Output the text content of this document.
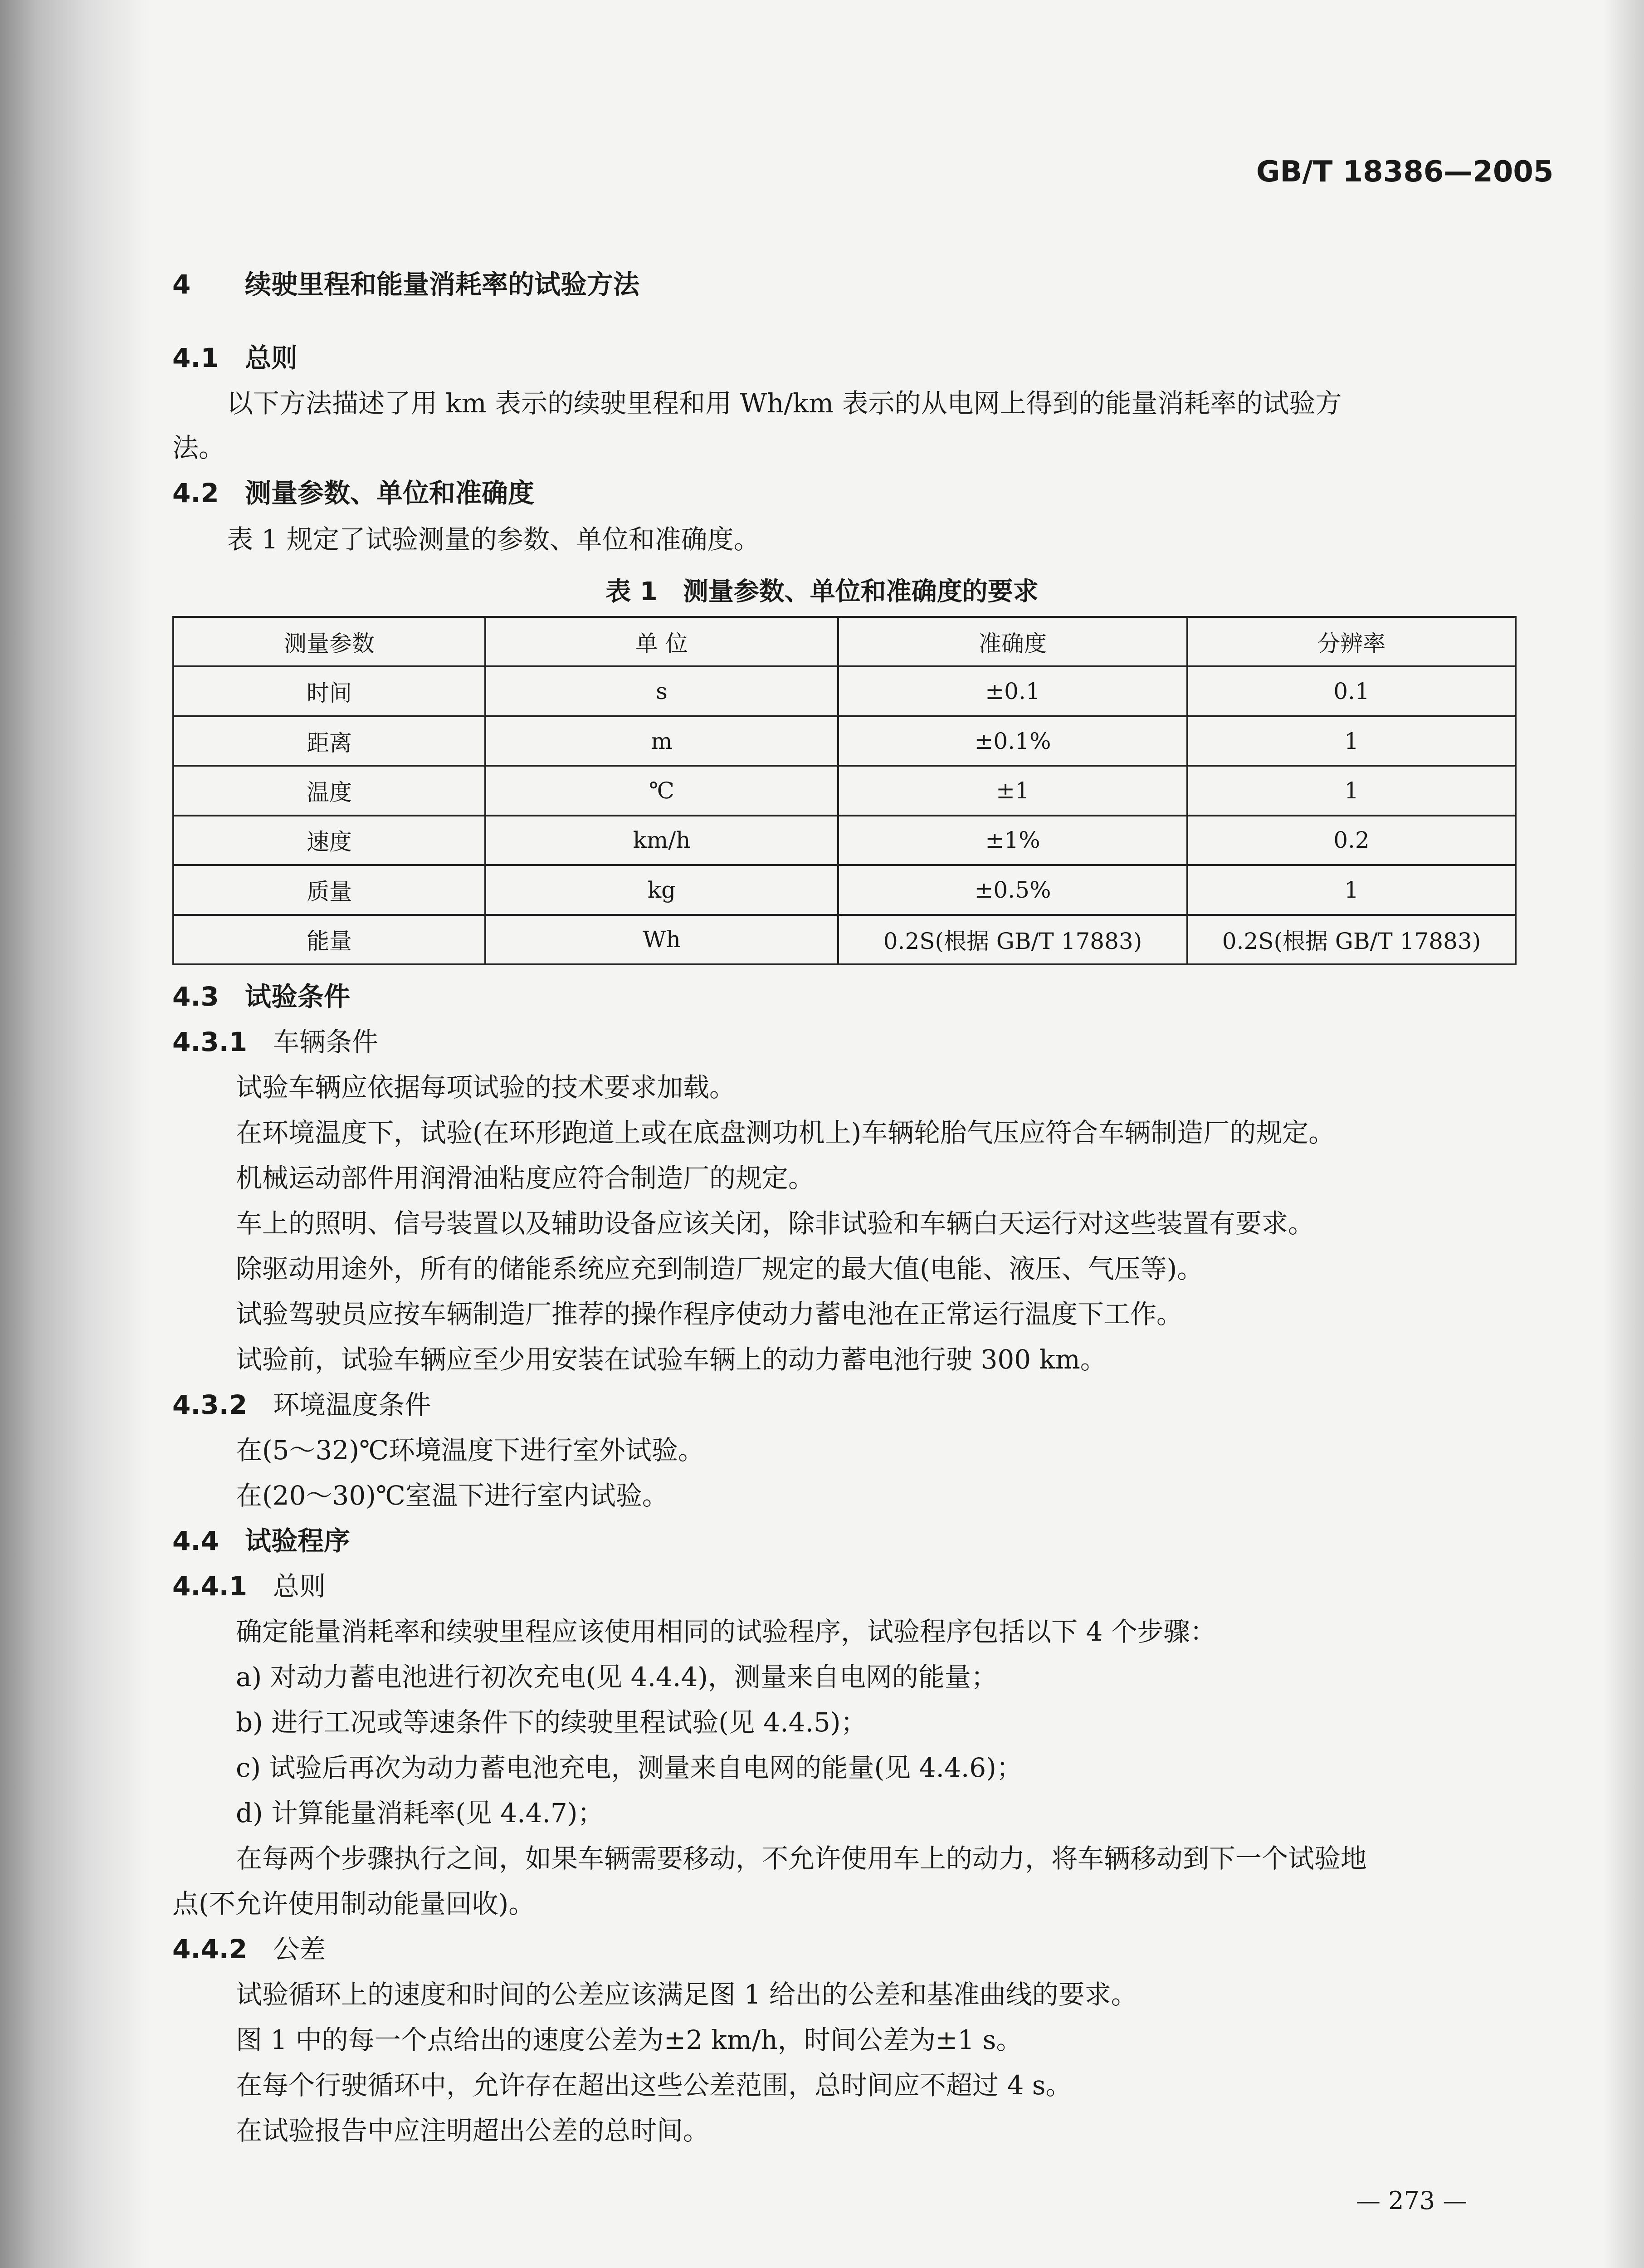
GB/T 18386—2005
4 续驶里程和能量消耗率的试验方法
4.1 总则
以下方法描述了用 km 表示的续驶里程和用 Wh/km 表示的从电网上得到的能量消耗率的试验方
法。
4.2 测量参数、单位和准确度
表 1 规定了试验测量的参数、单位和准确度。
表 1　测量参数、单位和准确度的要求
测量参数	单 位	准确度	分辨率
时间	s	±0.1	0.1
距离	m	±0.1%	1
温度	℃	±1	1
速度	km/h	±1%	0.2
质量	kg	±0.5%	1
能量	Wh	0.2S(根据 GB/T 17883)	0.2S(根据 GB/T 17883)
4.3 试验条件
4.3.1 车辆条件
试验车辆应依据每项试验的技术要求加载。
在环境温度下，试验(在环形跑道上或在底盘测功机上)车辆轮胎气压应符合车辆制造厂的规定。
机械运动部件用润滑油粘度应符合制造厂的规定。
车上的照明、信号装置以及辅助设备应该关闭，除非试验和车辆白天运行对这些装置有要求。
除驱动用途外，所有的储能系统应充到制造厂规定的最大值(电能、液压、气压等)。
试验驾驶员应按车辆制造厂推荐的操作程序使动力蓄电池在正常运行温度下工作。
试验前，试验车辆应至少用安装在试验车辆上的动力蓄电池行驶 300 km。
4.3.2 环境温度条件
在(5～32)℃环境温度下进行室外试验。
在(20～30)℃室温下进行室内试验。
4.4 试验程序
4.4.1 总则
确定能量消耗率和续驶里程应该使用相同的试验程序，试验程序包括以下 4 个步骤：
a) 对动力蓄电池进行初次充电(见 4.4.4)，测量来自电网的能量；
b) 进行工况或等速条件下的续驶里程试验(见 4.4.5)；
c) 试验后再次为动力蓄电池充电，测量来自电网的能量(见 4.4.6)；
d) 计算能量消耗率(见 4.4.7)；
在每两个步骤执行之间，如果车辆需要移动，不允许使用车上的动力，将车辆移动到下一个试验地
点(不允许使用制动能量回收)。
4.4.2 公差
试验循环上的速度和时间的公差应该满足图 1 给出的公差和基准曲线的要求。
图 1 中的每一个点给出的速度公差为±2 km/h，时间公差为±1 s。
在每个行驶循环中，允许存在超出这些公差范围，总时间应不超过 4 s。
在试验报告中应注明超出公差的总时间。
— 273 —
